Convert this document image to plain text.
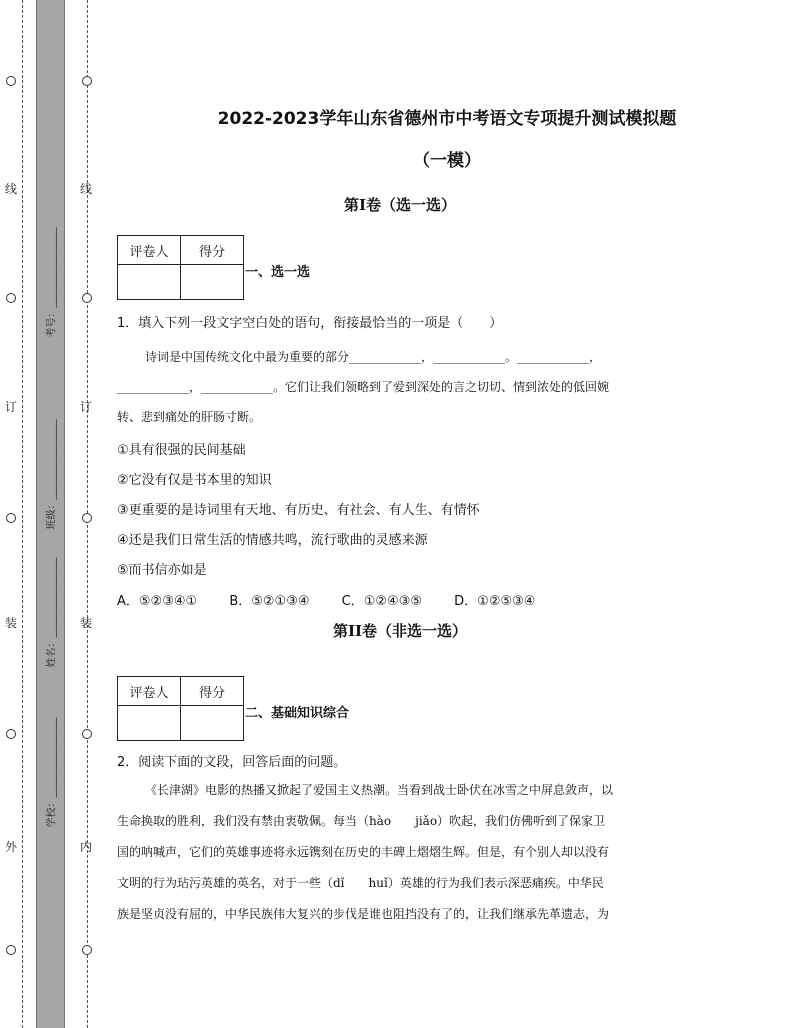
线
订
装
外
线
订
装
内
考号：________________
班级：________________
姓名：________________
学校：________________
2022-2023学年山东省德州市中考语文专项提升测试模拟题
（一模）
第I卷（选一选）
评卷人	得分

一、选一选
1．填入下列一段文字空白处的语句，衔接最恰当的一项是（　　）
诗词是中国传统文化中最为重要的部分____________，____________。____________，
____________，____________。它们让我们领略到了爱到深处的言之切切、情到浓处的低回婉
转、悲到痛处的肝肠寸断。
①具有很强的民间基础
②它没有仅是书本里的知识
③更重要的是诗词里有天地、有历史、有社会、有人生、有情怀
④还是我们日常生活的情感共鸣，流行歌曲的灵感来源
⑤而书信亦如是
A．⑤②③④① B．⑤②①③④ C．①②④③⑤ D．①②⑤③④
第II卷（非选一选）
评卷人	得分

二、基础知识综合
2．阅读下面的文段，回答后面的问题。
《长津湖》电影的热播又掀起了爱国主义热潮。当看到战士卧伏在冰雪之中屏息敛声，以
生命换取的胜利，我们没有禁由衷敬佩。每当（hào　　jiǎo）吹起，我们仿佛听到了保家卫
国的呐喊声，它们的英雄事迹将永远镌刻在历史的丰碑上熠熠生辉。但是，有个别人却以没有
文明的行为玷污英雄的英名，对于一些（dǐ　　huǐ）英雄的行为我们表示深恶痛疾。中华民
族是坚贞没有屈的，中华民族伟大复兴的步伐是谁也阻挡没有了的，让我们继承先革遗志，为
